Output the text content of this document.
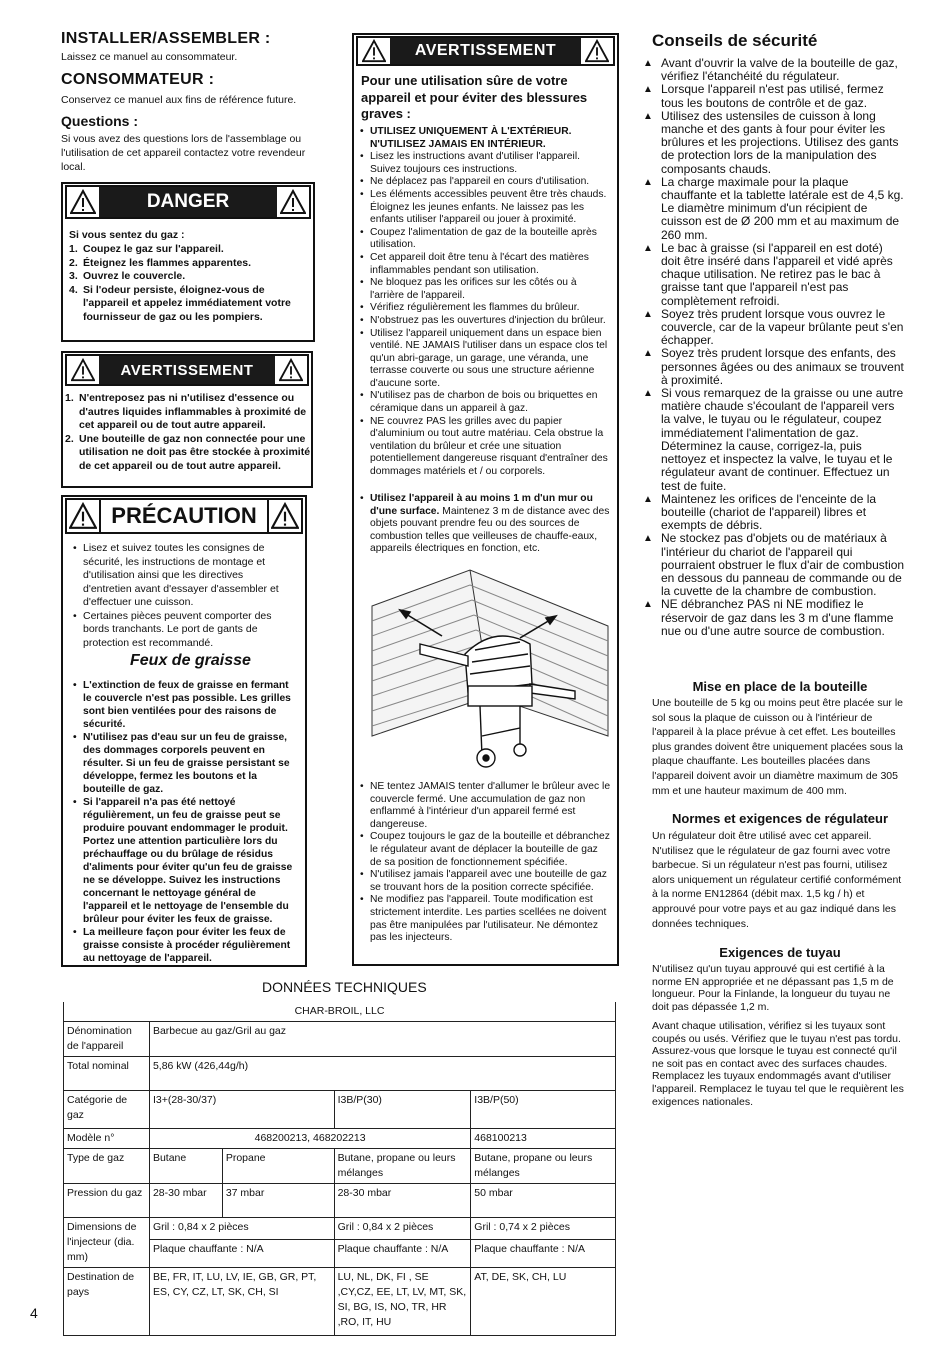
INSTALLER/ASSEMBLER :
Laissez ce manuel au consommateur.
CONSOMMATEUR :
Conservez ce manuel aux fins de référence future.
Questions :
Si vous avez des questions lors de l'assemblage ou l'utilisation de cet appareil contactez votre revendeur local.
DANGER
Si vous sentez du gaz :
1. Coupez le gaz sur l'appareil.
2. Éteignez les flammes apparentes.
3. Ouvrez le couvercle.
4. Si l'odeur persiste, éloignez-vous de l'appareil et appelez immédiatement votre fournisseur de gaz ou les pompiers.
AVERTISSEMENT
1. N'entreposez pas ni n'utilisez d'essence ou d'autres liquides inflammables à proximité de cet appareil ou de tout autre appareil.
2. Une bouteille de gaz non connectée pour une utilisation ne doit pas être stockée à proximité de cet appareil ou de tout autre appareil.
PRÉCAUTION
• Lisez et suivez toutes les consignes de sécurité, les instructions de montage et d'utilisation ainsi que les directives d'entretien avant d'essayer d'assembler et d'effectuer une cuisson.
• Certaines pièces peuvent comporter des bords tranchants. Le port de gants de protection est recommandé.
Feux de graisse
• L'extinction de feux de graisse en fermant le couvercle n'est pas possible. Les grilles sont bien ventilées pour des raisons de sécurité.
• N'utilisez pas d'eau sur un feu de graisse, des dommages corporels peuvent en résulter. Si un feu de graisse persistant se développe, fermez les boutons et la bouteille de gaz.
• Si l'appareil n'a pas été nettoyé régulièrement, un feu de graisse peut se produire pouvant endommager le produit. Portez une attention particulière lors du préchauffage ou du brûlage de résidus d'aliments pour éviter qu'un feu de graisse ne se développe. Suivez les instructions concernant le nettoyage général de l'appareil et le nettoyage de l'ensemble du brûleur pour éviter les feux de graisse.
• La meilleure façon pour éviter les feux de graisse consiste à procéder régulièrement au nettoyage de l'appareil.
AVERTISSEMENT
Pour une utilisation sûre de votre appareil et pour éviter des blessures graves :
• UTILISEZ UNIQUEMENT À L'EXTÉRIEUR. N'UTILISEZ JAMAIS EN INTÉRIEUR.
• Lisez les instructions avant d'utiliser l'appareil. Suivez toujours ces instructions.
• Ne déplacez pas l'appareil en cours d'utilisation.
• Les éléments accessibles peuvent être très chauds. Éloignez les jeunes enfants. Ne laissez pas les enfants utiliser l'appareil ou jouer à proximité.
• Coupez l'alimentation de gaz de la bouteille après utilisation.
• Cet appareil doit être tenu à l'écart des matières inflammables pendant son utilisation.
• Ne bloquez pas les orifices sur les côtés ou à l'arrière de l'appareil.
• Vérifiez régulièrement les flammes du brûleur.
• N'obstruez pas les ouvertures d'injection du brûleur.
• Utilisez l'appareil uniquement dans un espace bien ventilé. NE JAMAIS l'utiliser dans un espace clos tel qu'un abri-garage, un garage, une véranda, une terrasse couverte ou sous une structure aérienne d'aucune sorte.
• N'utilisez pas de charbon de bois ou briquettes en céramique dans un appareil à gaz.
• NE couvrez PAS les grilles avec du papier d'aluminium ou tout autre matériau. Cela obstrue la ventilation du brûleur et crée une situation potentiellement dangereuse risquant d'entraîner des dommages matériels et / ou corporels.
• Utilisez l'appareil à au moins 1 m d'un mur ou d'une surface. Maintenez 3 m de distance avec des objets pouvant prendre feu ou des sources de combustion telles que veilleuses de chauffe-eaux, appareils électriques en fonction, etc.
• NE tentez JAMAIS tenter d'allumer le brûleur avec le couvercle fermé. Une accumulation de gaz non enflammé à l'intérieur d'un appareil fermé est dangereuse.
• Coupez toujours le gaz de la bouteille et débranchez le régulateur avant de déplacer la bouteille de gaz de sa position de fonctionnement spécifiée.
• N'utilisez jamais l'appareil avec une bouteille de gaz se trouvant hors de la position correcte spécifiée.
• Ne modifiez pas l'appareil. Toute modification est strictement interdite. Les parties scellées ne doivent pas être manipulées par l'utilisateur. Ne démontez pas les injecteurs.
Conseils de sécurité
▲ Avant d'ouvrir la valve de la bouteille de gaz, vérifiez l'étanchéité du régulateur.
▲ Lorsque l'appareil n'est pas utilisé, fermez tous les boutons de contrôle et de gaz.
▲ Utilisez des ustensiles de cuisson à long manche et des gants à four pour éviter les brûlures et les projections. Utilisez des gants de protection lors de la manipulation des composants chauds.
▲ La charge maximale pour la plaque chauffante et la tablette latérale est de 4,5 kg. Le diamètre minimum d'un récipient de cuisson est de Ø 200 mm et au maximum de 260 mm.
▲ Le bac à graisse (si l'appareil en est doté) doit être inséré dans l'appareil et vidé après chaque utilisation. Ne retirez pas le bac à graisse tant que l'appareil n'est pas complètement refroidi.
▲ Soyez très prudent lorsque vous ouvrez le couvercle, car de la vapeur brûlante peut s'en échapper.
▲ Soyez très prudent lorsque des enfants, des personnes âgées ou des animaux se trouvent à proximité.
▲ Si vous remarquez de la graisse ou une autre matière chaude s'écoulant de l'appareil vers la valve, le tuyau ou le régulateur, coupez immédiatement l'alimentation de gaz. Déterminez la cause, corrigez-la, puis nettoyez et inspectez la valve, le tuyau et le régulateur avant de continuer. Effectuez un test de fuite.
▲ Maintenez les orifices de l'enceinte de la bouteille (chariot de l'appareil) libres et exempts de débris.
▲ Ne stockez pas d'objets ou de matériaux à l'intérieur du chariot de l'appareil qui pourraient obstruer le flux d'air de combustion en dessous du panneau de commande ou de la cuvette de la chambre de combustion.
▲ NE débranchez PAS ni NE modifiez le réservoir de gaz dans les 3 m d'une flamme nue ou d'une autre source de combustion.
Mise en place de la bouteille
Une bouteille de 5 kg ou moins peut être placée sur le sol sous la plaque de cuisson ou à l'intérieur de l'appareil à la place prévue à cet effet. Les bouteilles plus grandes doivent être uniquement placées sous la plaque chauffante. Les bouteilles placées dans l'appareil doivent avoir un diamètre maximum de 305 mm et une hauteur maximum de 400 mm.
Normes et exigences de régulateur
Un régulateur doit être utilisé avec cet appareil. N'utilisez que le régulateur de gaz fourni avec votre barbecue. Si un régulateur n'est pas fourni, utilisez alors uniquement un régulateur certifié conformément à la norme EN12864 (débit max. 1,5 kg / h) et approuvé pour votre pays et au gaz indiqué dans les données techniques.
Exigences de tuyau
N'utilisez qu'un tuyau approuvé qui est certifié à la norme EN appropriée et ne dépassant pas 1,5 m de longueur. Pour la Finlande, la longueur du tuyau ne doit pas dépassée 1,2 m.
Avant chaque utilisation, vérifiez si les tuyaux sont coupés ou usés. Vérifiez que le tuyau n'est pas tordu. Assurez-vous que lorsque le tuyau est connecté qu'il ne soit pas en contact avec des surfaces chaudes. Remplacez les tuyaux endommagés avant d'utiliser l'appareil. Remplacez le tuyau tel que le requièrent les exigences nationales.
DONNÉES TECHNIQUES
CHAR-BROIL, LLC				
Dénomination de l'appareil	Barbecue au gaz/Gril au gaz			
Total nominal	5,86 kW (426,44g/h)			
Catégorie de gaz	I3+(28-30/37)		I3B/P(30)	I3B/P(50)
Modèle n°	468200213, 468202213			468100213
Type de gaz	Butane	Propane	Butane, propane ou leurs mélanges	Butane, propane ou leurs mélanges
Pression du gaz	28-30 mbar	37 mbar	28-30 mbar	50 mbar
Dimensions de l'injecteur (dia. mm)	Gril : 0,84 x 2 pièces		Gril : 0,84 x 2 pièces	Gril : 0,74 x 2 pièces
	Plaque chauffante : N/A		Plaque chauffante : N/A	Plaque chauffante : N/A
Destination de pays	BE, FR, IT, LU, LV, IE, GB, GR, PT, ES, CY, CZ, LT, SK, CH, SI		LU, NL, DK, FI , SE ,CY,CZ, EE, LT, LV, MT, SK, SI, BG, IS, NO, TR, HR ,RO, IT, HU	AT, DE, SK, CH, LU
4
